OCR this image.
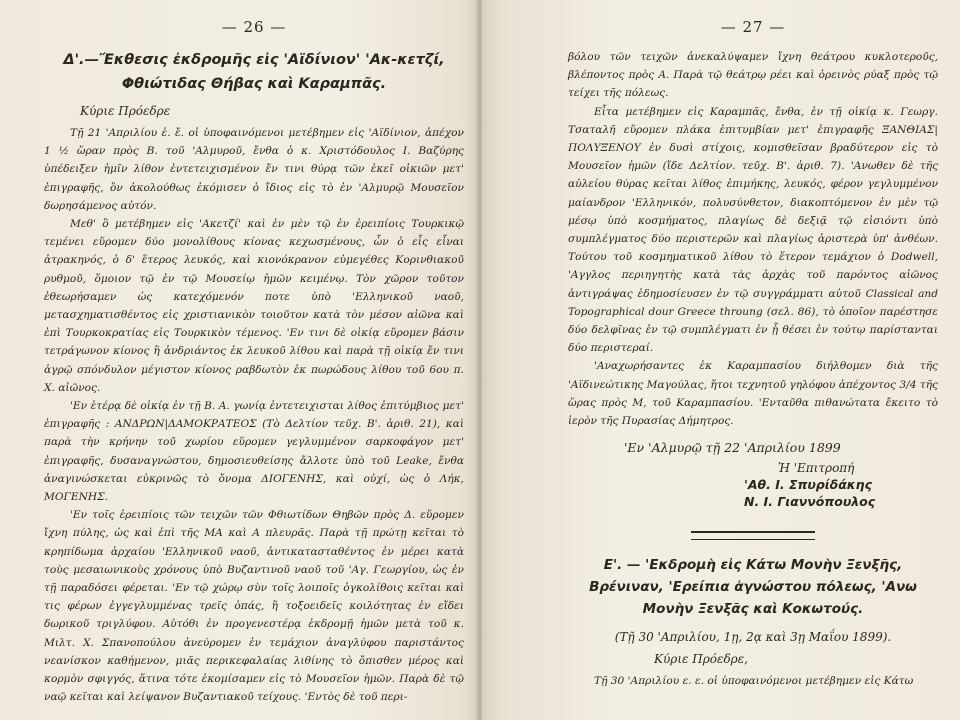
— 26 —
Δ'.—Ἔκθεσις ἐκδρομῆς εἰς 'Αϊδίνιον' 'Ακ-κετζί, Φθιώτιδας Θήβας καὶ Καραμπᾶς.
Κύριε Πρόεδρε

Τῇ 21 'Απριλίου ἐ. ἔ. οἱ ὑποφαινόμενοι μετέβημεν εἰς 'Αϊδίνιον, ἀπέχον 1 ½ ὥραν πρὸς Β. τοῦ 'Αλμυροῦ, ἔνθα ὁ κ. Χριστόδουλος Ι. Βαζύρης ὑπέδειξεν ἡμῖν λίθον ἐντετειχισμένον ἔν τινι θύρᾳ τῶν ἐκεῖ οἰκιῶν μετ' ἐπιγραφῆς, ὃν ἀκολούθως ἐκόμισεν ὁ ἴδιος εἰς τὸ ἐν 'Αλμυρῷ Μουσεῖον δωρησάμενος αὐτόν.

Μεθ' ὃ μετέβημεν εἰς 'Ακετζί' καὶ ἐν μὲν τῷ ἐν ἐρειπίοις Τουρκικῷ τεμένει εὕρομεν δύο μονολίθους κίονας κεχωσμένους, ὧν ὁ εἷς εἶναι ἀτρακηνός, ὁ δ' ἕτερος λευκός, καὶ κιονόκρανον εὐμεγέθες Κορινθιακοῦ ρυθμοῦ, ὅμοιον τῷ ἐν τῷ Μουσείῳ ἡμῶν κειμένῳ. Τὸν χῶρον τοῦτον ἐθεωρήσαμεν ὡς κατεχόμενόν ποτε ὑπὸ 'Ελληνικοῦ ναοῦ, μετασχηματισθέντος εἰς χριστιανικὸν τοιοῦτον κατὰ τὸν μέσον αἰῶνα καὶ ἐπὶ Τουρκοκρατίας εἰς Τουρκικὸν τέμενος. 'Εν τινι δὲ οἰκίᾳ εὕρομεν βάσιν τετράγωνον κίονος ἢ ἀνδριάντος ἐκ λευκοῦ λίθου καὶ παρὰ τῇ οἰκίᾳ ἔν τινι ἀγρῷ σπόνδυλον μέγιστον κίονος ραβδωτὸν ἐκ πωρώδους λίθου τοῦ 6ου π. Χ. αἰῶνος.

'Εν ἑτέρᾳ δὲ οἰκίᾳ ἐν τῇ Β. Α. γωνίᾳ ἐντετειχισται λίθος ἐπιτύμβιος μετ' ἐπιγραφῆς : ΑΝΔΡΩΝ|ΔΑΜΟΚΡΑΤΕΟΣ (Τὸ Δελτίον τεῦχ. Β'. ἀριθ. 21), καὶ παρὰ τὴν κρήνην τοῦ χωρίου εὕρομεν γεγλυμμένον σαρκοφάγον μετ' ἐπιγραφῆς, δυσαναγνώστου, δημοσιευθείσης ἄλλοτε ὑπὸ τοῦ Leake, ἔνθα ἀναγινώσκεται εὐκρινῶς τὸ ὄνομα ΔΙΟΓΕΝΗΣ, καὶ οὐχί, ὡς ὁ Λήκ, ΜΟΓΕΝΗΣ.

'Εν τοῖς ἐρειπίοις τῶν τειχῶν τῶν Φθιωτίδων Θηβῶν πρὸς Δ. εὕρομεν ἴχνη πύλης, ὡς καὶ ἐπὶ τῆς ΜΑ καὶ Α πλευρᾶς. Παρὰ τῇ πρώτῃ κεῖται τὸ κρηπίδωμα ἀρχαίου 'Ελληνικοῦ ναοῦ, ἀντικατασταθέντος ἐν μέρει κατὰ τοὺς μεσαιωνικοὺς χρόνους ὑπὸ Βυζαντινοῦ ναοῦ τοῦ 'Αγ. Γεωργίου, ὡς ἐν τῇ παραδόσει φέρεται. 'Εν τῷ χώρῳ σὺν τοῖς λοιποῖς ὀγκολίθοις κεῖται καὶ τις φέρων ἐγγεγλυμμένας τρεῖς ὀπάς, ἢ τοξοειδεῖς κοιλότητας ἐν εἴδει δωρικοῦ τριγλύφου. Αὐτόθι ἐν προγενεστέρᾳ ἐκδρομῇ ἡμῶν μετὰ τοῦ κ. Μιλτ. Χ. Σπανοπούλου ἀνεύρομεν ἐν τεμάχιον ἀναγλύφου παριστάντος νεανίσκον καθήμενον, μιᾶς περικεφαλαίας λιθίνης τὸ ὄπισθεν μέρος καὶ κορμὸν σφιγγός, ἅτινα τότε ἐκομίσαμεν εἰς τὸ Μουσεῖον ἡμῶν. Παρὰ δὲ τῷ ναῷ κεῖται καὶ λείψανον Βυζαντιακοῦ τείχους. 'Εντὸς δὲ τοῦ περι-

— 27 —

βόλου τῶν τειχῶν ἀνεκαλύψαμεν ἴχνη θεάτρου κυκλοτεροῦς, βλέποντος πρὸς Α. Παρὰ τῷ θεάτρῳ ρέει καὶ ὀρεινὸς ρύαξ πρὸς τῷ τείχει τῆς πόλεως.

Εἶτα μετέβημεν εἰς Καραμπᾶς, ἔνθα, ἐν τῇ οἰκίᾳ κ. Γεωργ. Τσαταλῆ εὕρομεν πλάκα ἐπιτυμβίαν μετ' ἐπιγραφῆς ΞΑΝΘΙΑΣ| ΠΟΛΥΞΕΝΟΥ ἐν δυσὶ στίχοις, κομισθεῖσαν βραδύτερον εἰς τὸ Μουσεῖον ἡμῶν (ἴδε Δελτίον. τεῦχ. Β'. ἀριθ. 7). 'Ανωθεν δὲ τῆς αὐλείου θύρας κεῖται λίθος ἐπιμήκης, λευκός, φέρον γεγλυμμένον μαίανδρον 'Ελληνικόν, πολυσύνθετον, διακοπτόμενον ἐν μὲν τῷ μέσῳ ὑπὸ κοσμήματος, πλαγίως δὲ δεξιᾷ τῷ εἰσιόντι ὑπὸ συμπλέγματος δύο περιστερῶν καὶ πλαγίως ἀριστερὰ ὑπ' ἀνθέων. Τούτου τοῦ κοσμηματικοῦ λίθου τὸ ἕτερον τεμάχιον ὁ Dodwell, 'Αγγλος περιηγητὴς κατὰ τὰς ἀρχὰς τοῦ παρόντος αἰῶνος ἀντιγράψας ἐδημοσίευσεν ἐν τῷ συγγράμματι αὐτοῦ Classical and Topographical dour Greece throung (σελ. 86), τὸ ὁποῖον παρέστησε δύο δελφῖνας ἐν τῷ συμπλέγματι ἐν ᾗ θέσει ἐν τούτῳ παρίστανται δύο περιστεραί.

'Αναχωρήσαντες ἐκ Καραμπασίου διήλθομεν διὰ τῆς 'Αϊδινεώτικης Μαγούλας, ἥτοι τεχνητοῦ γηλόφου ἀπέχοντος 3/4 τῆς ὥρας πρὸς Μ, τοῦ Καραμπασίου. 'Ενταῦθα πιθανώτατα ἔκειτο τὸ ἱερὸν τῆς Πυρασίας Δήμητρος.

'Εν 'Αλμυρῷ τῇ 22 'Απριλίου 1899
Ἡ 'Επιτροπή
'Αθ. Ι. Σπυρίδάκης
Ν. Ι. Γιαννόπουλος
Ε'. — 'Εκδρομὴ εἰς Κάτω Μονὴν Ξενξῆς, Βρένιναν, 'Ερείπια ἀγνώστου πόλεως, 'Ανω Μονὴν Ξενξᾶς καὶ Κοκωτούς.
(Τῇ 30 'Απριλίου, 1ῃ, 2ᾳ καὶ 3ῃ Μαΐου 1899).
Κύριε Πρόεδρε,

Τῇ 30 'Απριλίου ε. ε. οἱ ὑποφαινόμενοι μετέβημεν εἰς Κάτω
